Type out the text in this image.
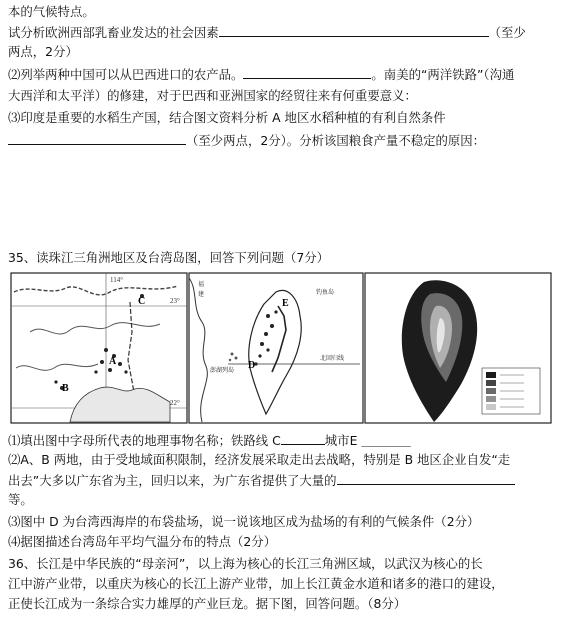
本的气候特点。
试分析欧洲西部乳畜业发达的社会因素	（至少
两点，2分）
⑵列举两种中国可以从巴西进口的农产品。	。南美的“两洋铁路”（沟通
大西洋和太平洋）的修建，对于巴西和亚洲国家的经贸往来有何重要意义：
⑶印度是重要的水稻生产国，结合图文资料分析 A 地区水稻种植的有利自然条件
（至少两点，2分）。分析该国粮食产量不稳定的原因：
35、读珠江三角洲地区及台湾岛图，回答下列问题（7分）
114°
23°
22°
A
B
C
福
建	钓鱼岛
北回归线
澎湖列岛
E
D
⑴填出图中字母所代表的地理事物名称；铁路线 C	城市E ＿＿＿＿
⑵A、B 两地，由于受地域面积限制，经济发展采取走出去战略，特别是 B 地区企业自发“走
出去”大多以广东省为主，回归以来，为广东省提供了大量的
等。
⑶图中 D 为台湾西海岸的布袋盐场，说一说该地区成为盐场的有利的气候条件（2分）
⑷据图描述台湾岛年平均气温分布的特点（2分）
36、长江是中华民族的“母亲河”，以上海为核心的长江三角洲区域，以武汉为核心的长
江中游产业带，以重庆为核心的长江上游产业带，加上长江黄金水道和诸多的港口的建设，
正使长江成为一条综合实力雄厚的产业巨龙。据下图，回答问题。（8分）
